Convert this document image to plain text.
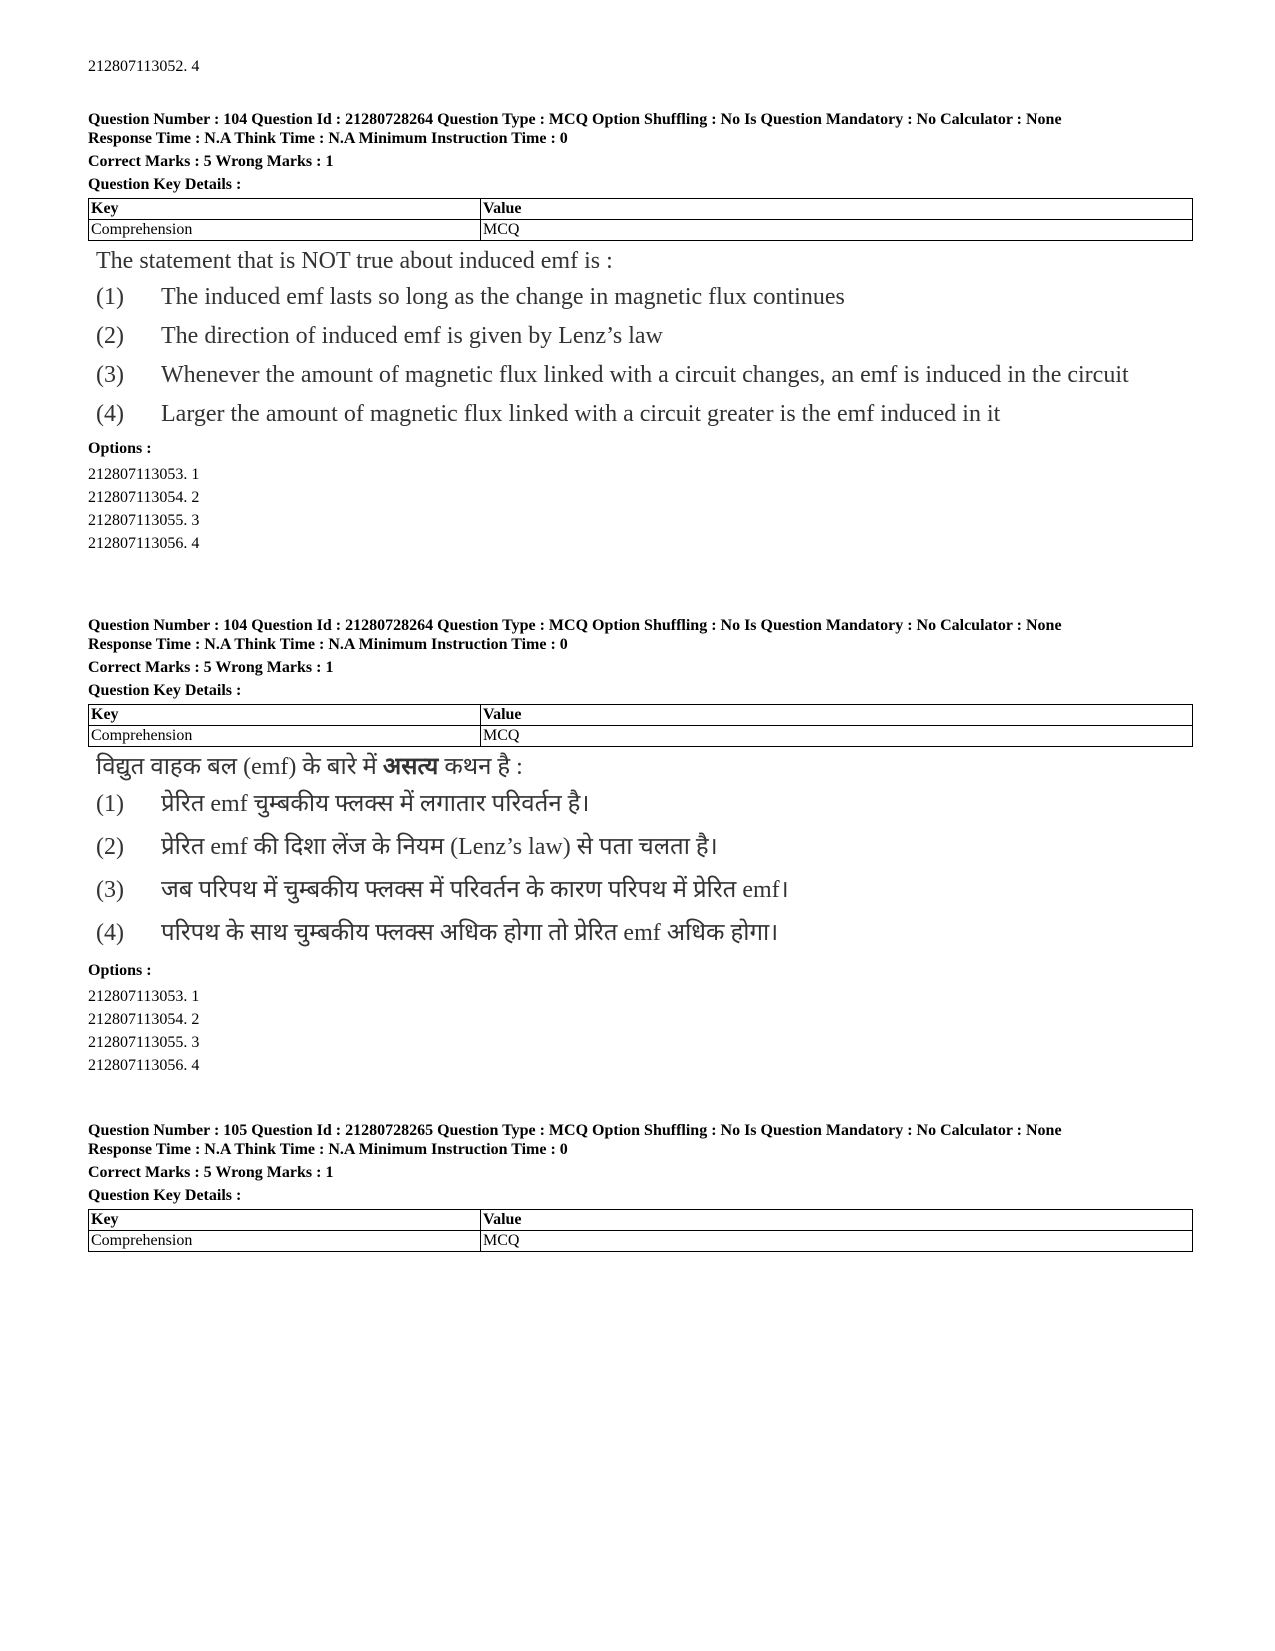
212807113052. 4
Question Number : 104 Question Id : 21280728264 Question Type : MCQ Option Shuffling : No Is Question Mandatory : No Calculator : None
Response Time : N.A Think Time : N.A Minimum Instruction Time : 0
Correct Marks : 5 Wrong Marks : 1
Question Key Details :
Key	Value
Comprehension	MCQ
The statement that is NOT true about induced emf is :
(1)	The induced emf lasts so long as the change in magnetic flux continues
(2)	The direction of induced emf is given by Lenz’s law
(3)	Whenever the amount of magnetic flux linked with a circuit changes, an emf is induced in the circuit
(4)	Larger the amount of magnetic flux linked with a circuit greater is the emf induced in it
Options :
212807113053. 1
212807113054. 2
212807113055. 3
212807113056. 4
Question Number : 104 Question Id : 21280728264 Question Type : MCQ Option Shuffling : No Is Question Mandatory : No Calculator : None
Response Time : N.A Think Time : N.A Minimum Instruction Time : 0
Correct Marks : 5 Wrong Marks : 1
Question Key Details :
Key	Value
Comprehension	MCQ
विद्युत वाहक बल (emf) के बारे में असत्य कथन है :
(1)	प्रेरित emf चुम्बकीय फ्लक्स में लगातार परिवर्तन है।
(2)	प्रेरित emf की दिशा लेंज के नियम (Lenz’s law) से पता चलता है।
(3)	जब परिपथ में चुम्बकीय फ्लक्स में परिवर्तन के कारण परिपथ में प्रेरित emf।
(4)	परिपथ के साथ चुम्बकीय फ्लक्स अधिक होगा तो प्रेरित emf अधिक होगा।
Options :
212807113053. 1
212807113054. 2
212807113055. 3
212807113056. 4
Question Number : 105 Question Id : 21280728265 Question Type : MCQ Option Shuffling : No Is Question Mandatory : No Calculator : None
Response Time : N.A Think Time : N.A Minimum Instruction Time : 0
Correct Marks : 5 Wrong Marks : 1
Question Key Details :
Key	Value
Comprehension	MCQ
